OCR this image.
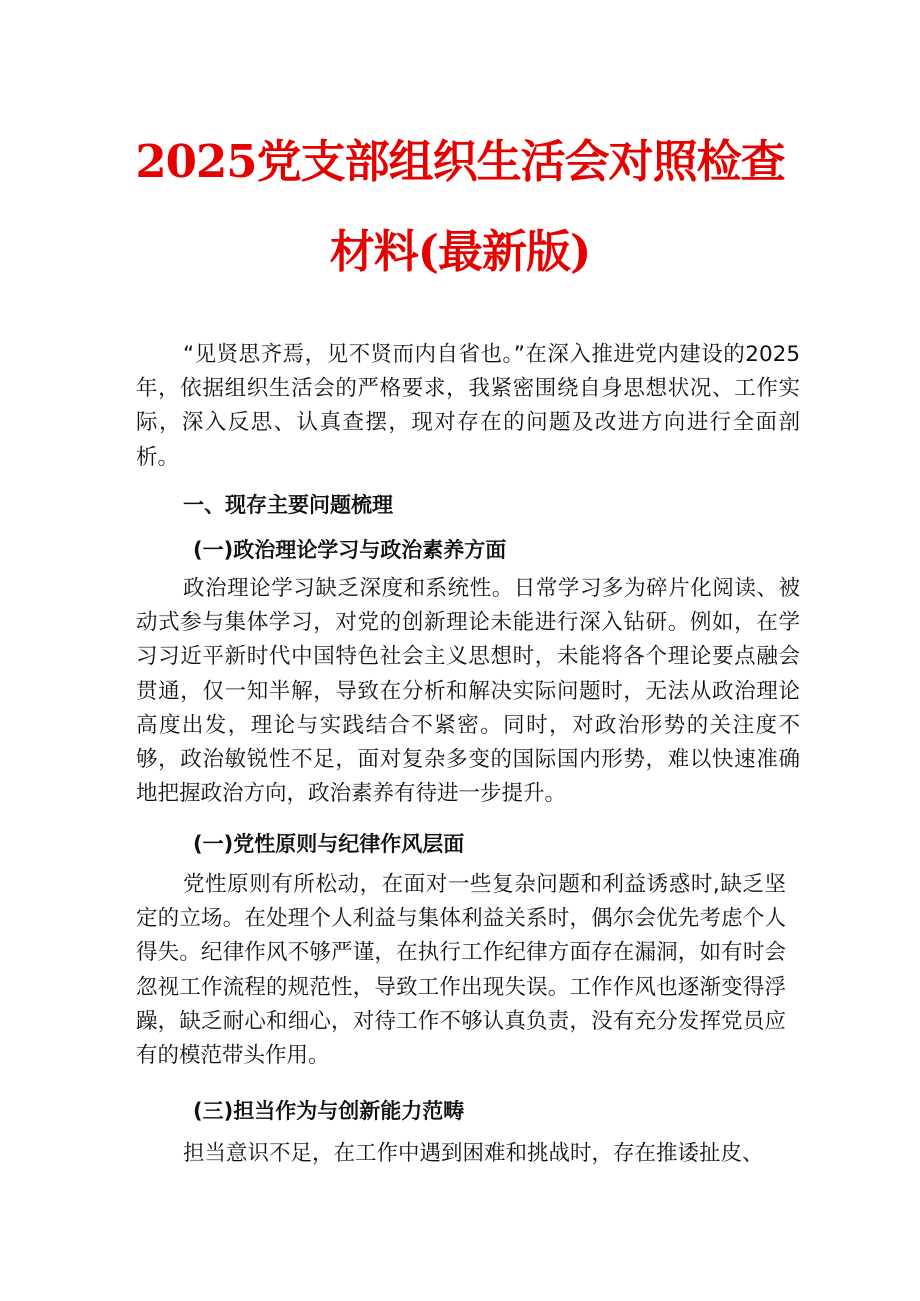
2025党支部组织生活会对照检查
材料(最新版)

“见贤思齐焉，见不贤而内自省也。”在深入推进党内建设的2025年，依据组织生活会的严格要求，我紧密围绕自身思想状况、工作实际，深入反思、认真查摆，现对存在的问题及改进方向进行全面剖析。

一、现存主要问题梳理
(一)政治理论学习与政治素养方面

政治理论学习缺乏深度和系统性。日常学习多为碎片化阅读、被动式参与集体学习，对党的创新理论未能进行深入钻研。例如，在学习习近平新时代中国特色社会主义思想时，未能将各个理论要点融会贯通，仅一知半解，导致在分析和解决实际问题时，无法从政治理论高度出发，理论与实践结合不紧密。同时，对政治形势的关注度不够，政治敏锐性不足，面对复杂多变的国际国内形势，难以快速准确地把握政治方向，政治素养有待进一步提升。

(一)党性原则与纪律作风层面

党性原则有所松动，在面对一些复杂问题和利益诱惑时,缺乏坚定的立场。在处理个人利益与集体利益关系时，偶尔会优先考虑个人得失。纪律作风不够严谨，在执行工作纪律方面存在漏洞，如有时会忽视工作流程的规范性，导致工作出现失误。工作作风也逐渐变得浮躁，缺乏耐心和细心，对待工作不够认真负责，没有充分发挥党员应有的模范带头作用。

(三)担当作为与创新能力范畴

担当意识不足，在工作中遇到困难和挑战时，存在推诿扯皮、
